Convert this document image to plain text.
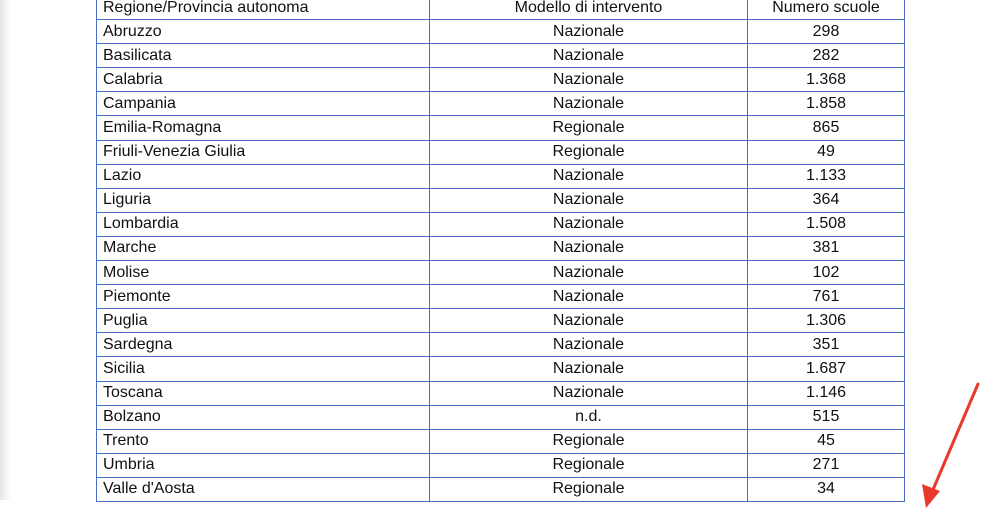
Regione/Provincia autonoma	Modello di intervento	Numero scuole
Abruzzo	Nazionale	298
Basilicata	Nazionale	282
Calabria	Nazionale	1.368
Campania	Nazionale	1.858
Emilia-Romagna	Regionale	865
Friuli-Venezia Giulia	Regionale	49
Lazio	Nazionale	1.133
Liguria	Nazionale	364
Lombardia	Nazionale	1.508
Marche	Nazionale	381
Molise	Nazionale	102
Piemonte	Nazionale	761
Puglia	Nazionale	1.306
Sardegna	Nazionale	351
Sicilia	Nazionale	1.687
Toscana	Nazionale	1.146
Bolzano	n.d.	515
Trento	Regionale	45
Umbria	Regionale	271
Valle d'Aosta	Regionale	34
